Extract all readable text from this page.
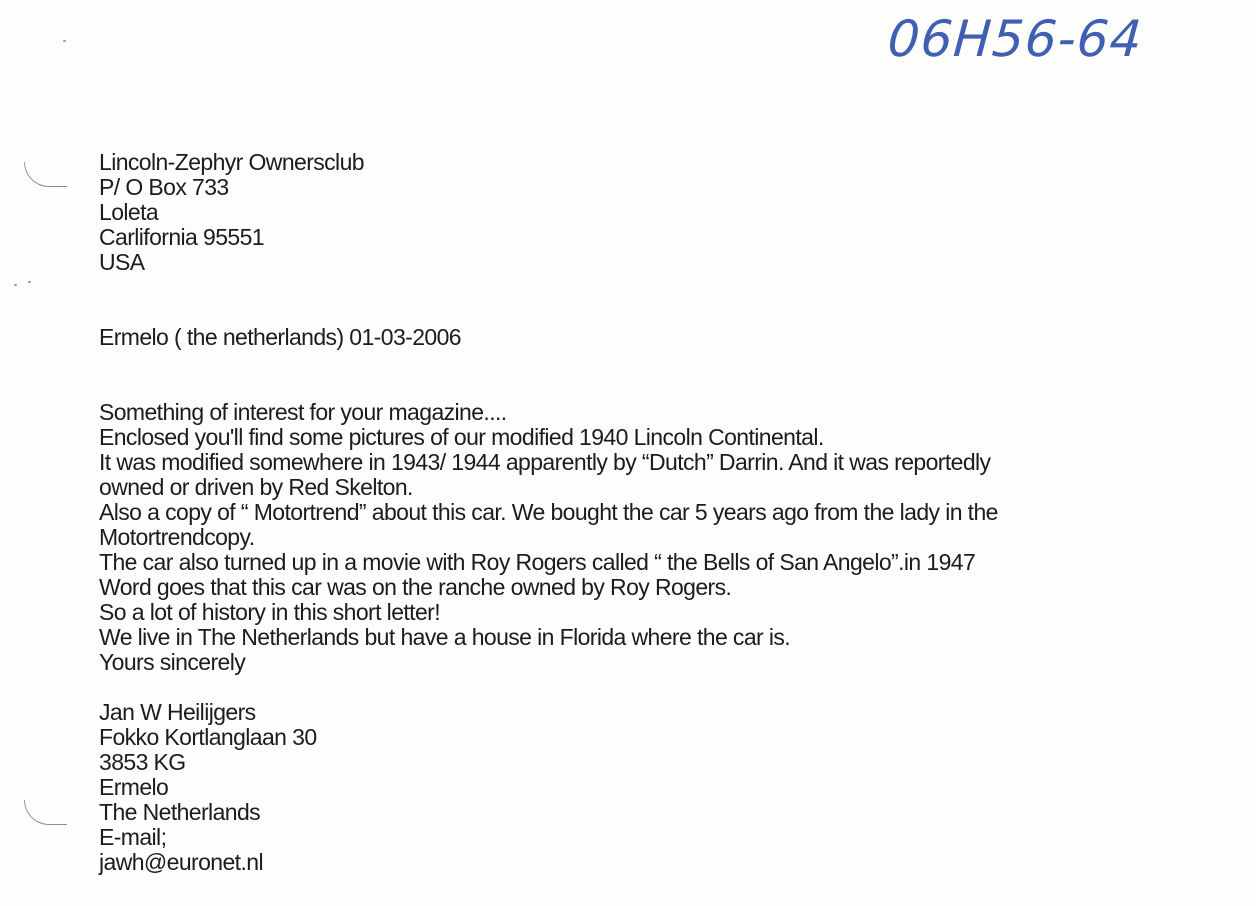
06H56-64
Lincoln-Zephyr Ownersclub
P/ O Box 733
Loleta
Carlifornia 95551
USA
Ermelo ( the netherlands) 01-03-2006
Something of interest for your magazine....
Enclosed you'll find some pictures of our modified 1940 Lincoln Continental.
It was modified somewhere in 1943/ 1944 apparently by “Dutch” Darrin. And it was reportedly
owned or driven by Red Skelton.
Also a copy of “ Motortrend” about this car. We bought the car 5 years ago from the lady in the
Motortrendcopy.
The car also turned up in a movie with Roy Rogers called “ the Bells of San Angelo”.in 1947
Word goes that this car was on the ranche owned by Roy Rogers.
So a lot of history in this short letter!
We live in The Netherlands but have a house in Florida where the car is.
Yours sincerely
Jan W Heilijgers
Fokko Kortlanglaan 30
3853 KG
Ermelo
The Netherlands
E-mail;
jawh@euronet.nl
